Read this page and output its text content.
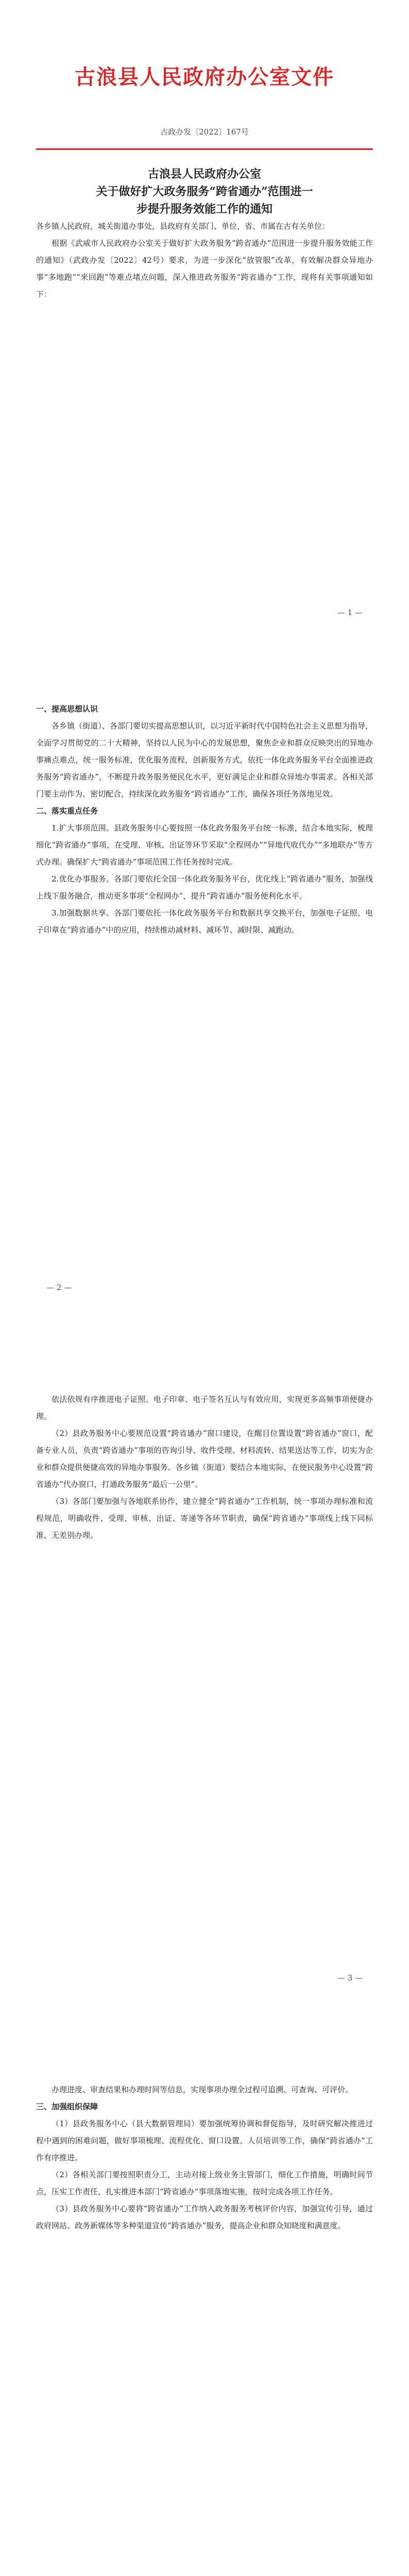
古浪县人民政府办公室文件
古政办发〔2022〕167号
古浪县人民政府办公室
关于做好扩大政务服务“跨省通办”范围进一
步提升服务效能工作的通知

各乡镇人民政府，城关街道办事处，县政府有关部门、单位，省、市属在古有关单位：

根据《武威市人民政府办公室关于做好扩大政务服务“跨省通办”范围进一步提升服务效能工作的通知》（武政办发〔2022〕42号）要求，为进一步深化“放管服”改革，有效解决群众异地办事“多地跑”“来回跑”等难点堵点问题，深入推进政务服务“跨省通办”工作，现将有关事项通知如下：

— 1 —
一、提高思想认识

各乡镇（街道）、各部门要切实提高思想认识，以习近平新时代中国特色社会主义思想为指导，全面学习贯彻党的二十大精神，坚持以人民为中心的发展思想，聚焦企业和群众反映突出的异地办事痛点难点，统一服务标准，优化服务流程，创新服务方式，依托一体化政务服务平台全面推进政务服务“跨省通办”，不断提升政务服务便民化水平，更好满足企业和群众异地办事需求。各相关部门要主动作为、密切配合，持续深化政务服务“跨省通办”工作，确保各项任务落地见效。

二、落实重点任务

1.扩大事项范围。县政务服务中心要按照一体化政务服务平台统一标准，结合本地实际，梳理细化“跨省通办”事项，在受理、审核、出证等环节采取“全程网办”“异地代收代办”“多地联办”等方式办理。确保扩大“跨省通办”事项范围工作任务按时完成。

2.优化办事服务。各部门要依托全国一体化政务服务平台，优化线上“跨省通办”服务，加强线上线下服务融合，推动更多事项“全程网办”，提升“跨省通办”服务便利化水平。

3.加强数据共享。各部门要依托一体化政务服务平台和数据共享交换平台，加强电子证照、电子印章在“跨省通办”中的应用，持续推动减材料、减环节、减时限、减跑动。

— 2 —

依法依规有序推进电子证照、电子印章、电子签名互认与有效应用，实现更多高频事项便捷办理。

（2）县政务服务中心要规范设置“跨省通办”窗口建设，在醒目位置设置“跨省通办”窗口，配备专业人员，负责“跨省通办”事项的咨询引导、收件受理、材料流转、结果送达等工作，切实为企业和群众提供便捷高效的异地办事服务。各乡镇（街道）要结合本地实际，在便民服务中心设置“跨省通办”代办窗口，打通政务服务“最后一公里”。

（3）各部门要加强与各地联系协作，建立健全“跨省通办”工作机制，统一事项办理标准和流程规范，明确收件、受理、审核、出证、寄递等各环节职责，确保“跨省通办”事项线上线下同标准、无差别办理。

— 3 —

办理进度、审查结果和办理时间等信息，实现事项办理全过程可追溯、可查询、可评价。

三、加强组织保障

（1）县政务服务中心（县大数据管理局）要加强统筹协调和督促指导，及时研究解决推进过程中遇到的困难问题，做好事项梳理、流程优化、窗口设置、人员培训等工作，确保“跨省通办”工作有序推进。

（2）各相关部门要按照职责分工，主动对接上级业务主管部门，细化工作措施，明确时间节点，压实工作责任，扎实推进本部门“跨省通办”事项落地实施，按时完成各项工作任务。

（3）县政务服务中心要将“跨省通办”工作纳入政务服务考核评价内容，加强宣传引导，通过政府网站、政务新媒体等多种渠道宣传“跨省通办”服务，提高企业和群众知晓度和满意度。
